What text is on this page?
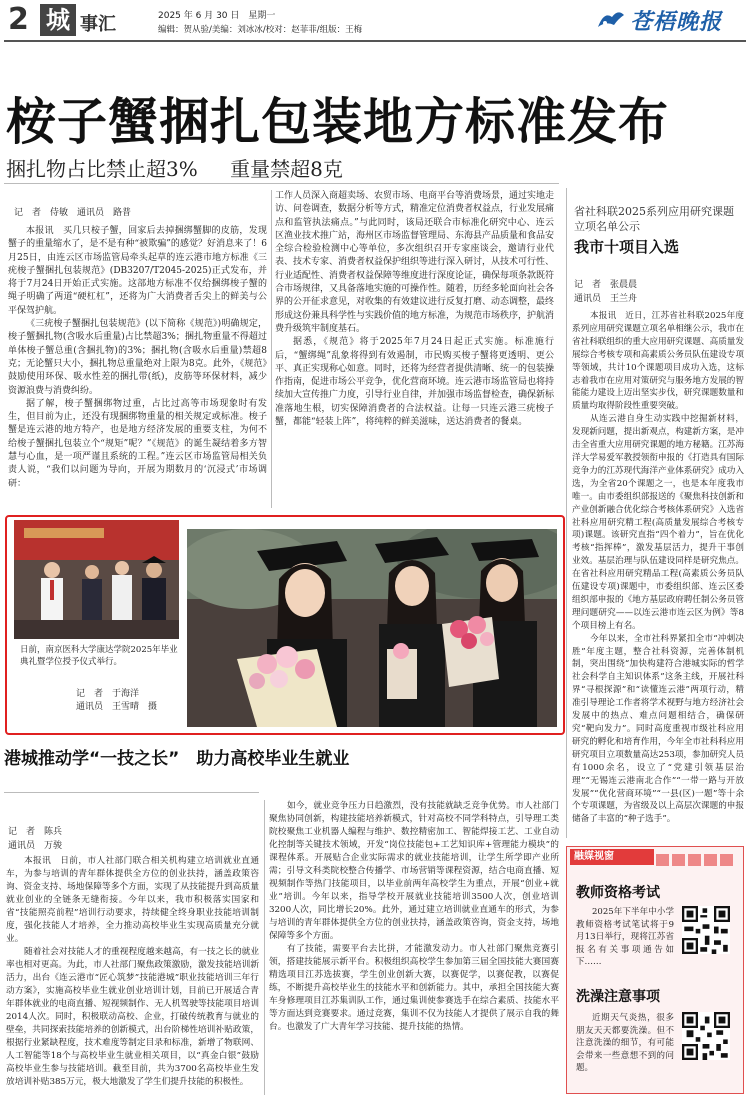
2 城 事汇	2025 年 6 月 30 日　星期一
编辑：贺从验/美编：刘冰冰/校对：赵菲菲/组版：王梅	苍梧晚报
桉子蟹捆扎包装地方标准发布
捆扎物占比禁止超3% 重量禁超8克
记　者　侍敏　通讯员　路普

本报讯　买几只桉子蟹，回家后去掉捆绑蟹脚的皮筋，发现蟹子的重量缩水了，是不是有种“被欺骗”的感觉？好消息来了！6月25日，由连云区市场监管局牵头起草的连云港市地方标准《三疣梭子蟹捆扎包装规范》(DB3207/T2045-2025)正式发布，并将于7月24日开始正式实施。这部地方标准不仅给捆绑梭子蟹的绳子明确了两道“硬杠杠”，还将为广大消费者舌尖上的鲜美与公平保驾护航。

《三疣梭子蟹捆扎包装规范》(以下简称《规范》)明确规定，梭子蟹捆扎物(含吸水后重量)占比禁超3%；捆扎物重量不得超过单体梭子蟹总重(含捆扎物)的3%；捆扎物(含吸水后重量)禁超8克；无论蟹只大小，捆扎物总重量绝对上限为8克。此外，《规范》鼓励使用环保、吸水性差的捆扎带(纸)，皮筋等环保材料，减少资源浪费与消费纠纷。

据了解，梭子蟹捆绑物过重，占比过高等市场现象时有发生，但目前为止，还没有现捆绑物重量的相关规定或标准。梭子蟹是连云港的地方特产，也是地方经济发展的重要支柱，为何不给梭子蟹捆扎包装立个“规矩”呢？”《规范》的诞生凝结着多方智慧与心血，是一项严谨且系统的工程。”连云区市场监管局相关负责人说，“我们以问题为导向，开展为期数月的‘沉浸式’市场调研：

工作人员深入商超卖场、农贸市场、电商平台等消费场景，通过实地走访、问卷调查，数据分析等方式，精准定位消费者权益点，行业发展痛点和监管执法痛点。”与此同时，该局还联合市标准化研究中心、连云区渔业技术推广站，海州区市场监督管理局、东海县产品质量和食品安全综合检验检测中心等单位，多次组织召开专家座谈会，邀请行业代表、技术专家、消费者权益保护组织等进行深入研讨，从技术可行性、行业适配性、消费者权益保障等维度进行深度论证，确保每项条款既符合市场规律，又具备落地实施的可操作性。随着，历经多轮面向社会各界的公开征求意见，对收集的有效建议进行反复打磨、动态调整，最终形成这份兼具科学性与实践价值的地方标准，为规范市场秩序，护航消费升级筑牢制度基石。

据悉，《规范》将于2025年7月24日起正式实施。标准施行后，“蟹绑绳”乱象将得到有效遏制，市民购买梭子蟹将更透明、更公平、真正实现称心如意。同时，还将为经营者提供清晰、统一的包装操作指南，促进市场公平竞争，优化营商环境。连云港市场监管局也将持续加大宣传推广力度，引导行业自律，并加强市场监督检查，确保新标准落地生根，切实保障消费者的合法权益。让每一只连云港三疣梭子蟹，都能“轻装上阵”，将纯粹的鲜美滋味，送达消费者的餐桌。

省社科联2025系列应用研究课题立项名单公示
我市十项目入选
记　者　张晨晨
通讯员　王兰舟

本报讯　近日，江苏省社科联2025年度系列应用研究课题立项名单相继公示，我市在省社科联组织的重大应用研究课题、高质量发展综合考核专项和高素质公务员队伍建设专项等领域，共计10个课题项目成功入选，这标志着我市在应用对策研究与服务地方发展的智能能力建设上迈出坚实步伐，研究课题数量和质量均取得阶段性重要突破。

从连云港自身生动实践中挖掘新材料，发现新问题，提出新观点，构建新方案，是冲击全省重大应用研究课题的地方秘籍。江苏海洋大学易爱军教授领衔申报的《打造具有国际竞争力的江苏现代海洋产业体系研究》成功入选，为全省20个课题之一，也是本年度我市唯一。由市委组织部报送的《聚焦科技创新和产业创新融合优化综合考核体系研究》入选省社科应用研究精工程(高质量发展综合考核专项)课题。该研究直指“四个着力”，旨在优化考核“指挥棒”，激发基层活力，提升干事创业效。基层治理与队伍建设同样是研究焦点。在省社科应用研究精品工程(高素质公务员队伍建设专项)课题中，市委组织部、连云区委组织部申报的《地方基层政府聘任制公务员管理问题研究——以连云港市连云区为例》等8个项目榜上有名。

今年以来，全市社科界紧扣全市“冲刺决胜”年度主题，整合社科资源，完善体制机制，突出围绕“加快构建符合港城实际的哲学社会科学自主知识体系”这条主线，开展社科界“寻根探源”和“读懂连云港”两项行动，精准引导理论工作者将学术视野与地方经济社会发展中的热点、难点问题相结合，确保研究“靶向发力”。同时高度重视市级社科应用研究的孵化和培育作用，今年全市社科科应用研究项目立项数量高达253项，参加研究人员有1000余名，设立了“党建引领基层治理”“无锡连云港南北合作”“一带一路与开放发展”“优化营商环境”“一县(区)一题”等十余个专项课题，为省级及以上高层次课题的申报储备了丰富的“种子选手”。

日前，南京医科大学康达学院2025年毕业典礼暨学位授予仪式举行。
记　者　于海洋
通讯员　王雪晴　摄
港城推动学“一技之长”　助力高校毕业生就业
记　者　陈兵
通讯员　万骏

本报讯　日前，市人社部门联合相关机构建立培训就业直通车，为参与培训的青年群体提供全方位的创业扶持，涵盖政策咨询、资金支持、场地保障等多个方面，实现了从技能提升到高质量就业创业的全链条无缝衔接。今年以来，我市积极落实国家和省“技能照亮前程”培训行动要求，持续健全终身职业技能培训制度，强化技能人才培养，全力推动高校毕业生实现高质量充分就业。

随着社会对技能人才的重视程度越来越高，有一技之长的就业率也相对更高。为此，市人社部门聚焦政策激励，激发技能培训新活力，出台《连云港市“匠心筑梦”技能港城”职业技能培训三年行动方案》，实施高校毕业生就业创业培训计划，目前已开展适合青年群体就业的电商直播、短视频制作、无人机驾驶等技能项目培训2014人次。同时，积极联动高校、企业，打破传统教育与就业的壁垒，共同探索技能培养的创新模式，出台阶梯性培训补贴政策，根据行业紧缺程度，技术难度等制定目录和标准，新增了物联网、人工智能等18个与高校毕业生就业相关项目，以“真金白银”鼓励高校毕业生参与技能培训。截至目前，共为3700名高校毕业生发放培训补贴385万元，极大地激发了学生们提升技能的积极性。

如今，就业竞争压力日趋激烈，没有技能就缺乏竞争优势。市人社部门聚焦协同创新，构建技能培养新模式，针对高校不同学科特点，引导理工类院校聚焦工业机器人编程与维护、数控精密加工、智能焊接工艺、工业自动化控制等关键技术领域，开发“岗位技能包+工艺知识库+管理能力模块”的课程体系。开展贴合企业实际需求的就业技能培训，让学生所学即产业所需；引导文科类院校整合传播学、市场营销等课程资源，结合电商直播、短视频制作等热门技能项目，以毕业前两年高校学生为重点，开展“创业+就业”培训。今年以来，指导学校开展就业技能培训3500人次，创业培训3200人次，同比增长20%。此外，通过建立培训就业直通车的形式，为参与培训的青年群体提供全方位的创业扶持，涵盖政策咨询，资金支持，场地保障等多个方面。

有了技能，需要平台去比拼，才能激发动力。市人社部门聚焦竞赛引领，搭建技能展示新平台。积极组织高校学生参加第三届全国技能大赛国赛精选项目江苏选拔赛，学生创业创新大赛，以赛促学，以赛促教，以赛促练，不断提升高校毕业生的技能水平和创新能力。其中，承担全国技能大赛车身修理项目江苏集训队工作，通过集训使参赛选手在综合素质、技能水平等方面达到竞赛要求。通过竞赛，集训不仅为技能人才提供了展示自我的舞台。也激发了广大青年学习技能、提升技能的热情。

融媒视窗
教师资格考试
2025年下半年中小学教师资格考试笔试将于9月13日举行，现将江苏省报名有关事项通告如下……
洗澡注意事项
近期天气炎热，很多朋友天天都要洗澡。但不注意洗澡的细节，有可能会带来一些意想不到的问题。
